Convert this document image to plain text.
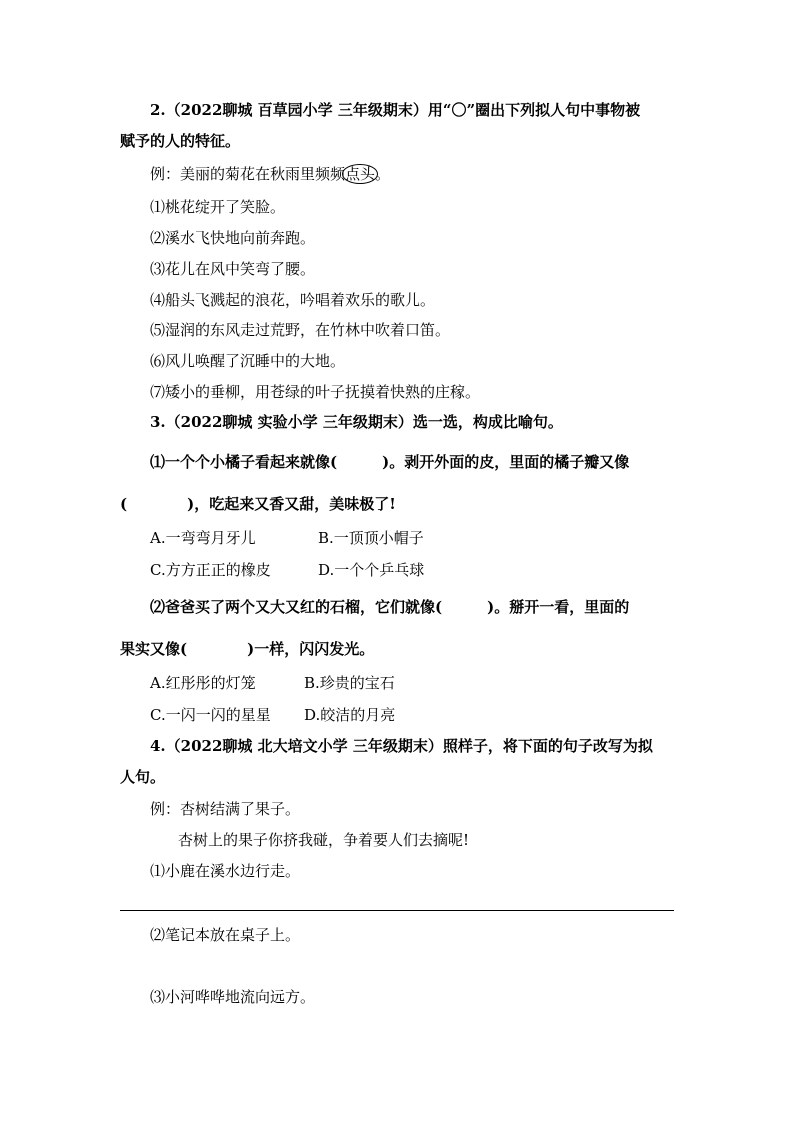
2.（2022聊城 百草园小学 三年级期末）用“〇”圈出下列拟人句中事物被
赋予的人的特征。
例：美丽的菊花在秋雨里频频点头。
⑴桃花绽开了笑脸。
⑵溪水飞快地向前奔跑。
⑶花儿在风中笑弯了腰。
⑷船头飞溅起的浪花，吟唱着欢乐的歌儿。
⑸湿润的东风走过荒野，在竹林中吹着口笛。
⑹风儿唤醒了沉睡中的大地。
⑺矮小的垂柳，用苍绿的叶子抚摸着快熟的庄稼。
3.（2022聊城 实验小学 三年级期末）选一选，构成比喻句。
⑴一个个小橘子看起来就像(　　　)。剥开外面的皮，里面的橘子瓣又像
(　　　　)，吃起来又香又甜，美味极了!
A.一弯弯月牙儿	B.一顶顶小帽子
C.方方正正的橡皮	D.一个个乒乓球
⑵爸爸买了两个又大又红的石榴，它们就像(　　　)。掰开一看，里面的
果实又像(　　　　)一样，闪闪发光。
A.红彤彤的灯笼	B.珍贵的宝石
C.一闪一闪的星星 D.皎洁的月亮
4.（2022聊城 北大培文小学 三年级期末）照样子，将下面的句子改写为拟
人句。
例：杏树结满了果子。
杏树上的果子你挤我碰，争着要人们去摘呢!
⑴小鹿在溪水边行走。
⑵笔记本放在桌子上。
⑶小河哗哗地流向远方。
